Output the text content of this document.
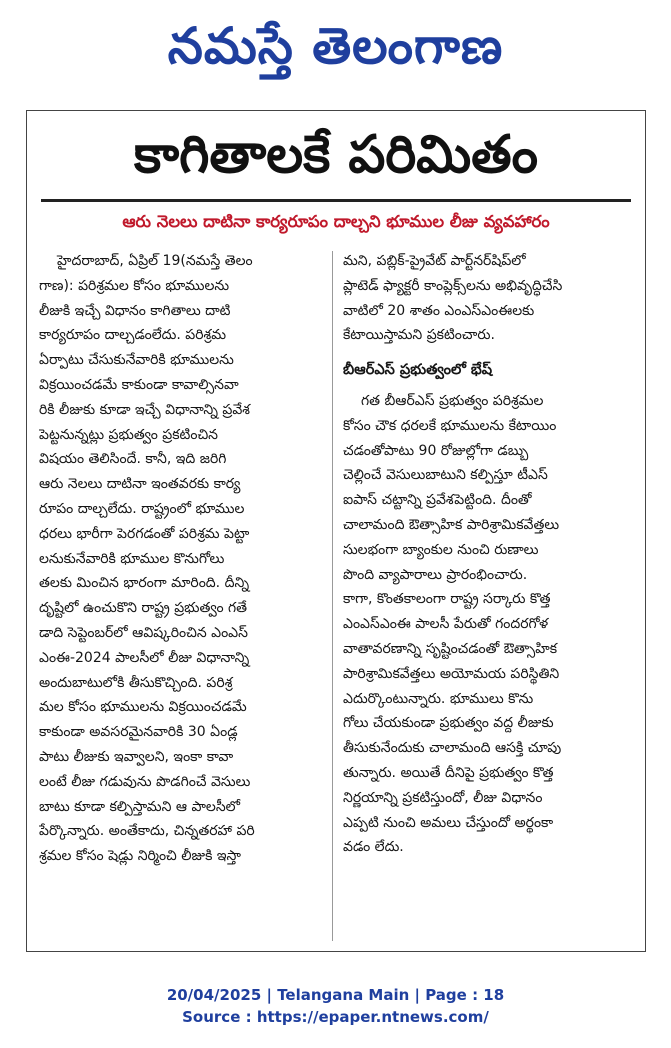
నమస్తే తెలంగాణ
కాగితాలకే పరిమితం
ఆరు నెలలు దాటినా కార్యరూపం దాల్చని భూముల లీజు వ్యవహారం
హైదరాబాద్, ఏప్రిల్ 19(నమస్తే తెలం
గాణ): పరిశ్రమల కోసం భూములను
లీజుకి ఇచ్చే విధానం కాగితాలు దాటి
కార్యరూపం దాల్చడంలేదు. పరిశ్రమ
ఏర్పాటు చేసుకునేవారికి భూములను
విక్రయించడమే కాకుండా కావాల్సినవా
రికి లీజుకు కూడా ఇచ్చే విధానాన్ని ప్రవేశ
పెట్టనున్నట్లు ప్రభుత్వం ప్రకటించిన
విషయం తెలిసిందే. కానీ, ఇది జరిగి
ఆరు నెలలు దాటినా ఇంతవరకు కార్య
రూపం దాల్చలేదు. రాష్ట్రంలో భూముల
ధరలు భారీగా పెరగడంతో పరిశ్రమ పెట్టా
లనుకునేవారికి భూముల కొనుగోలు
తలకు మించిన భారంగా మారింది. దీన్ని
దృష్టిలో ఉంచుకొని రాష్ట్ర ప్రభుత్వం గతే
డాది సెప్టెంబర్‌లో ఆవిష్కరించిన ఎంఎస్
ఎంఈ-2024 పాలసీలో లీజు విధానాన్ని
అందుబాటులోకి తీసుకొచ్చింది. పరిశ్ర
మల కోసం భూములను విక్రయించడమే
కాకుండా అవసరమైనవారికి 30 ఏండ్ల
పాటు లీజుకు ఇవ్వాలని, ఇంకా కావా
లంటే లీజు గడువును పొడగించే వెసులు
బాటు కూడా కల్పిస్తామని ఆ పాలసీలో
పేర్కొన్నారు. అంతేకాదు, చిన్నతరహా పరి
శ్రమల కోసం షెడ్లు నిర్మించి లీజుకి ఇస్తా
మని, పబ్లిక్-ప్రైవేట్ పార్ట్‌నర్‌షిప్‌లో
ప్లాటెడ్ ఫ్యాక్టరీ కాంప్లెక్స్‌లను అభివృద్ధిచేసి
వాటిలో 20 శాతం ఎంఎస్‌ఎంఈలకు
కేటాయిస్తామని ప్రకటించారు.
బీఆర్‌ఎస్ ప్రభుత్వంలో భేష్
గత బీఆర్‌ఎస్ ప్రభుత్వం పరిశ్రమల
కోసం చౌక ధరలకే భూములను కేటాయిం
చడంతోపాటు 90 రోజుల్లోగా డబ్బు
చెల్లించే వెసులుబాటుని కల్పిస్తూ టీఎస్
ఐపాస్ చట్టాన్ని ప్రవేశపెట్టింది. దీంతో
చాలామంది ఔత్సాహిక పారిశ్రామికవేత్తలు
సులభంగా బ్యాంకుల నుంచి రుణాలు
పొంది వ్యాపారాలు ప్రారంభించారు.
కాగా, కొంతకాలంగా రాష్ట్ర సర్కారు కొత్త
ఎంఎస్‌ఎంఈ పాలసీ పేరుతో గందరగోళ
వాతావరణాన్ని సృష్టించడంతో ఔత్సాహిక
పారిశ్రామికవేత్తలు అయోమయ పరిస్థితిని
ఎదుర్కొంటున్నారు. భూములు కొను
గోలు చేయకుండా ప్రభుత్వం వద్ద లీజుకు
తీసుకునేందుకు చాలామంది ఆసక్తి చూపు
తున్నారు. అయితే దీనిపై ప్రభుత్వం కొత్త
నిర్ణయాన్ని ప్రకటిస్తుందో, లీజు విధానం
ఎప్పటి నుంచి అమలు చేస్తుందో అర్థంకా
వడం లేదు.
20/04/2025 | Telangana Main | Page : 18
Source : https://epaper.ntnews.com/
